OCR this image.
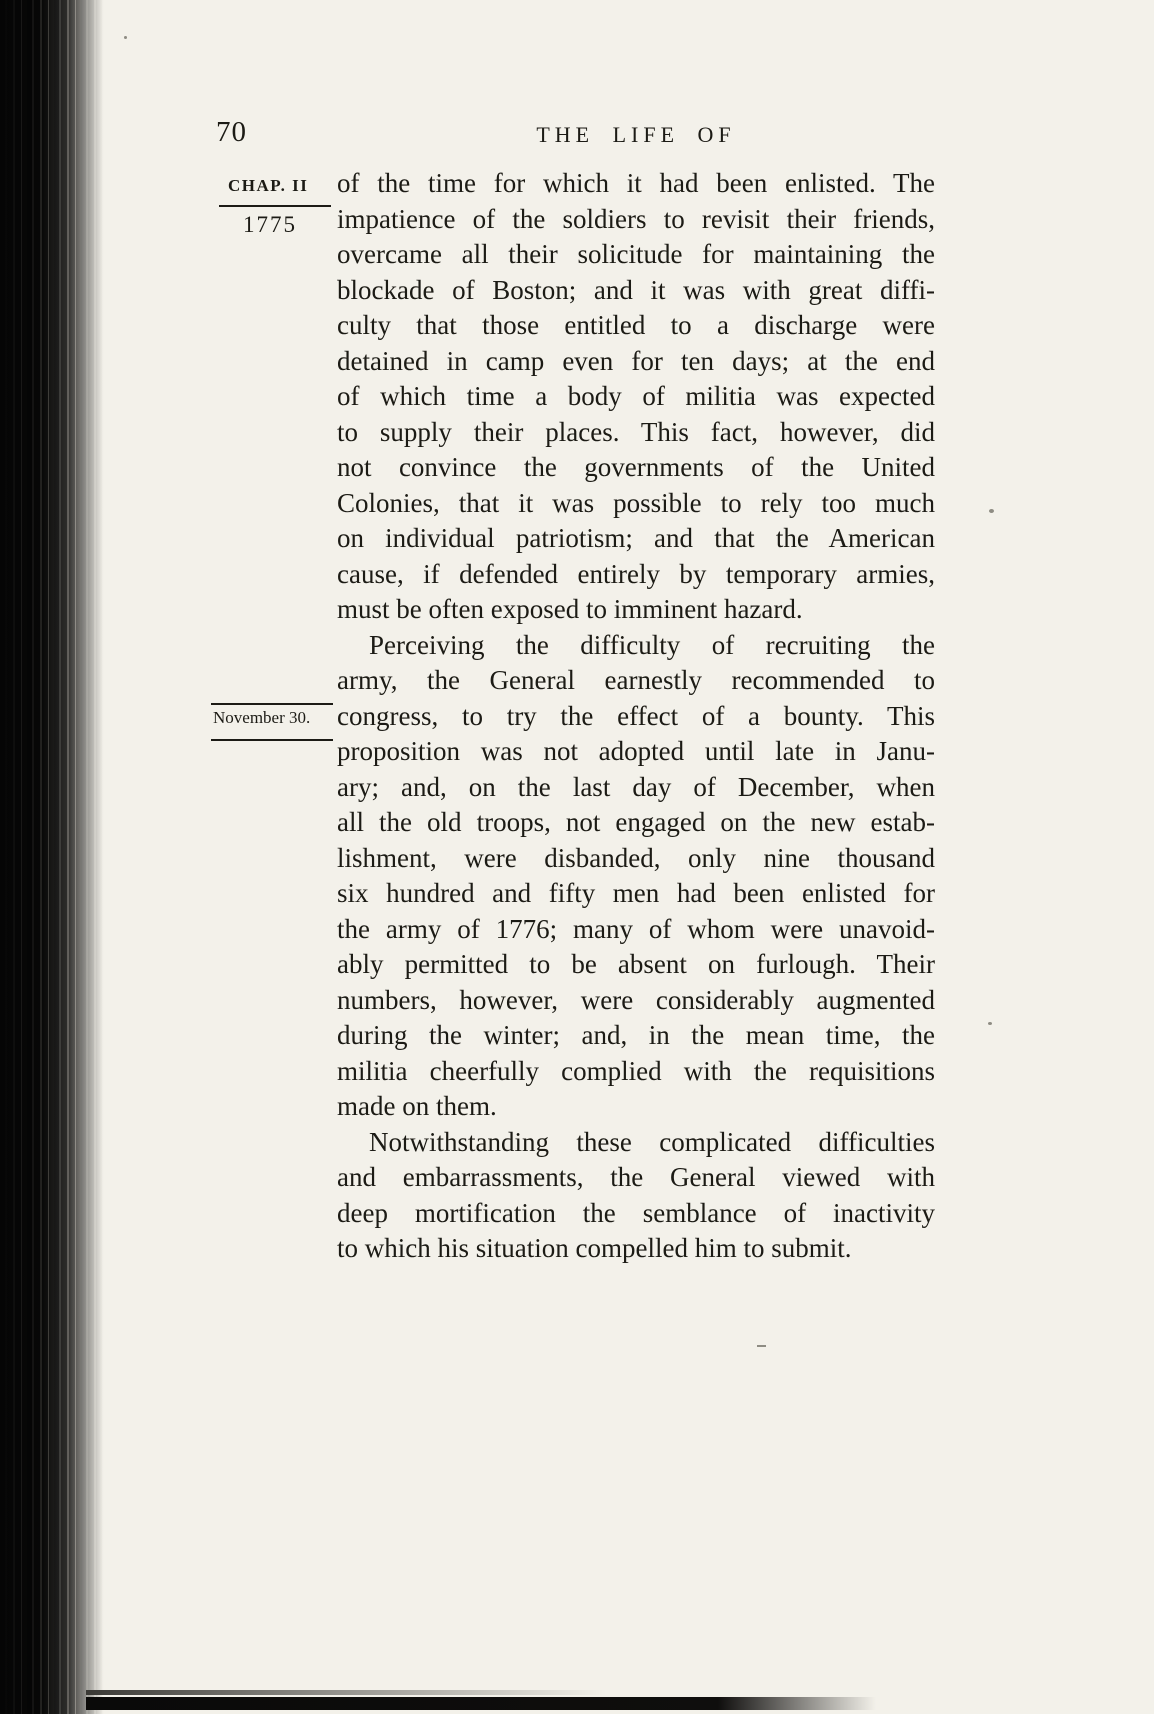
70	THE LIFE OF
CHAP. II
1775
November 30.
of the time for which it had been enlisted. The
impatience of the soldiers to revisit their friends,
overcame all their solicitude for maintaining the
blockade of Boston; and it was with great diffi-
culty that those entitled to a discharge were
detained in camp even for ten days; at the end
of which time a body of militia was expected
to supply their places. This fact, however, did
not convince the governments of the United
Colonies, that it was possible to rely too much
on individual patriotism; and that the American
cause, if defended entirely by temporary armies,
must be often exposed to imminent hazard.
Perceiving the difficulty of recruiting the
army, the General earnestly recommended to
congress, to try the effect of a bounty. This
proposition was not adopted until late in Janu-
ary; and, on the last day of December, when
all the old troops, not engaged on the new estab-
lishment, were disbanded, only nine thousand
six hundred and fifty men had been enlisted for
the army of 1776; many of whom were unavoid-
ably permitted to be absent on furlough. Their
numbers, however, were considerably augmented
during the winter; and, in the mean time, the
militia cheerfully complied with the requisitions
made on them.
Notwithstanding these complicated difficulties
and embarrassments, the General viewed with
deep mortification the semblance of inactivity
to which his situation compelled him to submit.
